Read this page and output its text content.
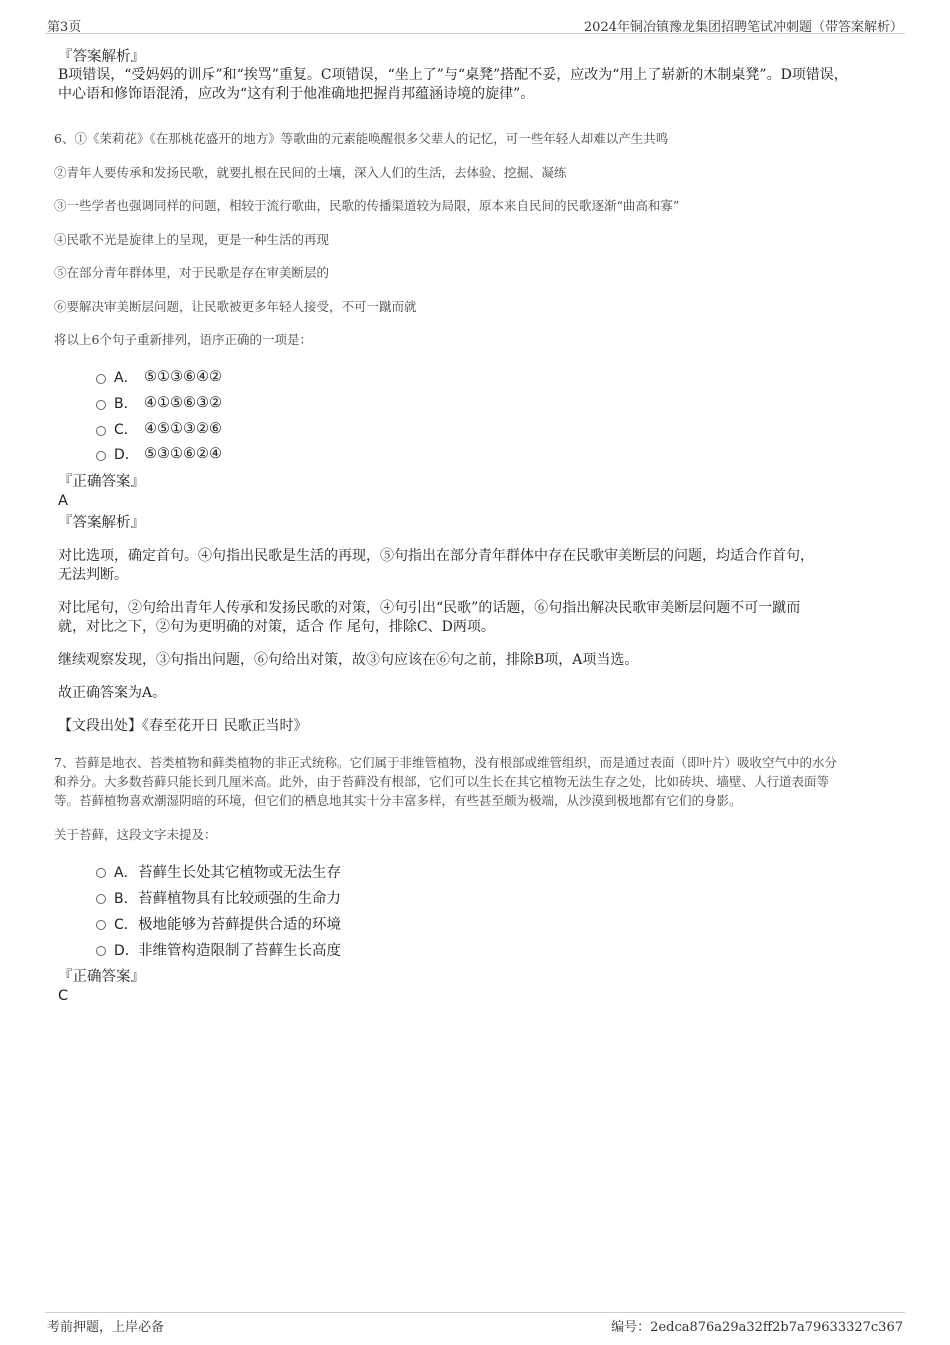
第3页	2024年铜冶镇豫龙集团招聘笔试冲刺题（带答案解析）
『答案解析』
B项错误，“受妈妈的训斥”和“挨骂”重复。C项错误，“坐上了”与“桌凳”搭配不妥，应改为“用上了崭新的木制桌凳”。D项错误，
中心语和修饰语混淆，应改为“这有利于他准确地把握肖邦蕴涵诗境的旋律”。
6、①《茉莉花》《在那桃花盛开的地方》等歌曲的元素能唤醒很多父辈人的记忆，可一些年轻人却难以产生共鸣
②青年人要传承和发扬民歌，就要扎根在民间的土壤，深入人们的生活，去体验、挖掘、凝练
③一些学者也强调同样的问题，相较于流行歌曲，民歌的传播渠道较为局限，原本来自民间的民歌逐渐“曲高和寡”
④民歌不光是旋律上的呈现，更是一种生活的再现
⑤在部分青年群体里，对于民歌是存在审美断层的
⑥要解决审美断层问题，让民歌被更多年轻人接受，不可一蹴而就
将以上6个句子重新排列，语序正确的一项是：
A． ⑤①③⑥④②
B． ④①⑤⑥③②
C． ④⑤①③②⑥
D． ⑤③①⑥②④
『正确答案』
A
『答案解析』
对比选项，确定首句。④句指出民歌是生活的再现，⑤句指出在部分青年群体中存在民歌审美断层的问题，均适合作首句，
无法判断。
对比尾句，②句给出青年人传承和发扬民歌的对策，④句引出“民歌”的话题，⑥句指出解决民歌审美断层问题不可一蹴而
就，对比之下，②句为更明确的对策，适合 作 尾句，排除C、D两项。
继续观察发现，③句指出问题，⑥句给出对策，故③句应该在⑥句之前，排除B项，A项当选。
故正确答案为A。
【文段出处】《春至花开日 民歌正当时》
7、苔藓是地衣、苔类植物和藓类植物的非正式统称。它们属于非维管植物，没有根部或维管组织，而是通过表面（即叶片）吸收空气中的水分
和养分。大多数苔藓只能长到几厘米高。此外，由于苔藓没有根部，它们可以生长在其它植物无法生存之处，比如砖块、墙壁、人行道表面等
等。苔藓植物喜欢潮湿阴暗的环境，但它们的栖息地其实十分丰富多样，有些甚至颇为极端，从沙漠到极地都有它们的身影。
关于苔藓，这段文字未提及：
A． 苔藓生长处其它植物或无法生存
B． 苔藓植物具有比较顽强的生命力
C． 极地能够为苔藓提供合适的环境
D． 非维管构造限制了苔藓生长高度
『正确答案』
C
考前押题，上岸必备	编号：2edca876a29a32ff2b7a79633327c367
